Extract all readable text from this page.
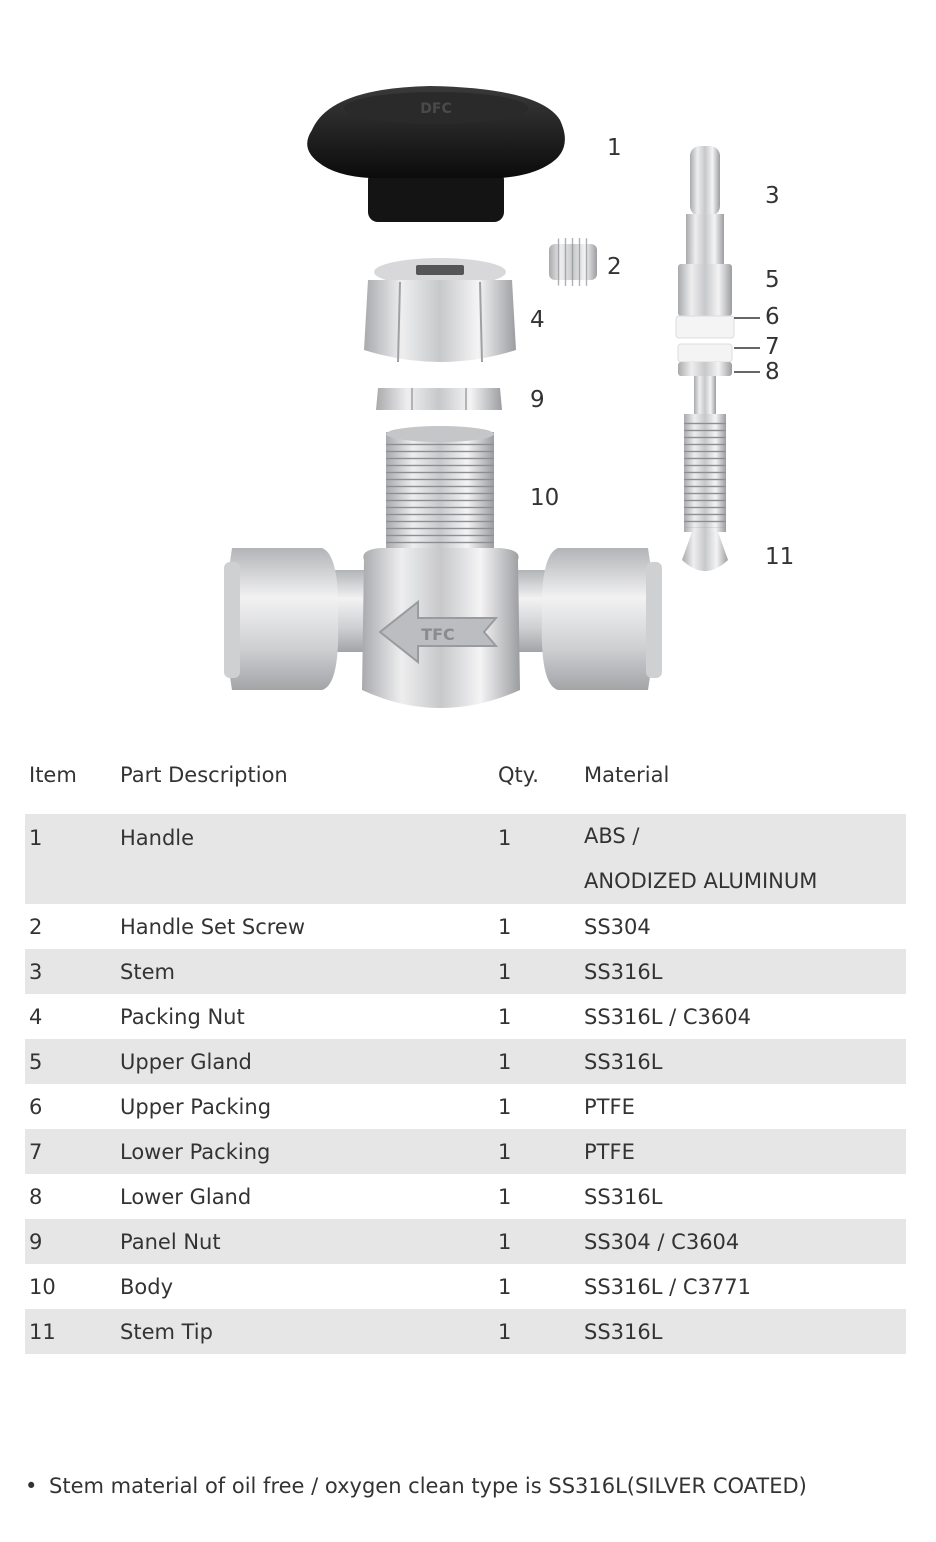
DFC
TFC
1
2
3
4
5
6
7
8
9
10
11
Item	Part Description	Qty.	Material
1	Handle	1	ABS /
ANODIZED ALUMINUM

2	Handle Set Screw	1	SS304
3	Stem	1	SS316L
4	Packing Nut	1	SS316L / C3604
5	Upper Gland	1	SS316L
6	Upper Packing	1	PTFE
7	Lower Packing	1	PTFE
8	Lower Gland	1	SS316L
9	Panel Nut	1	SS304 / C3604
10	Body	1	SS316L / C3771
11	Stem Tip	1	SS316L
• Stem material of oil free / oxygen clean type is SS316L(SILVER COATED)
